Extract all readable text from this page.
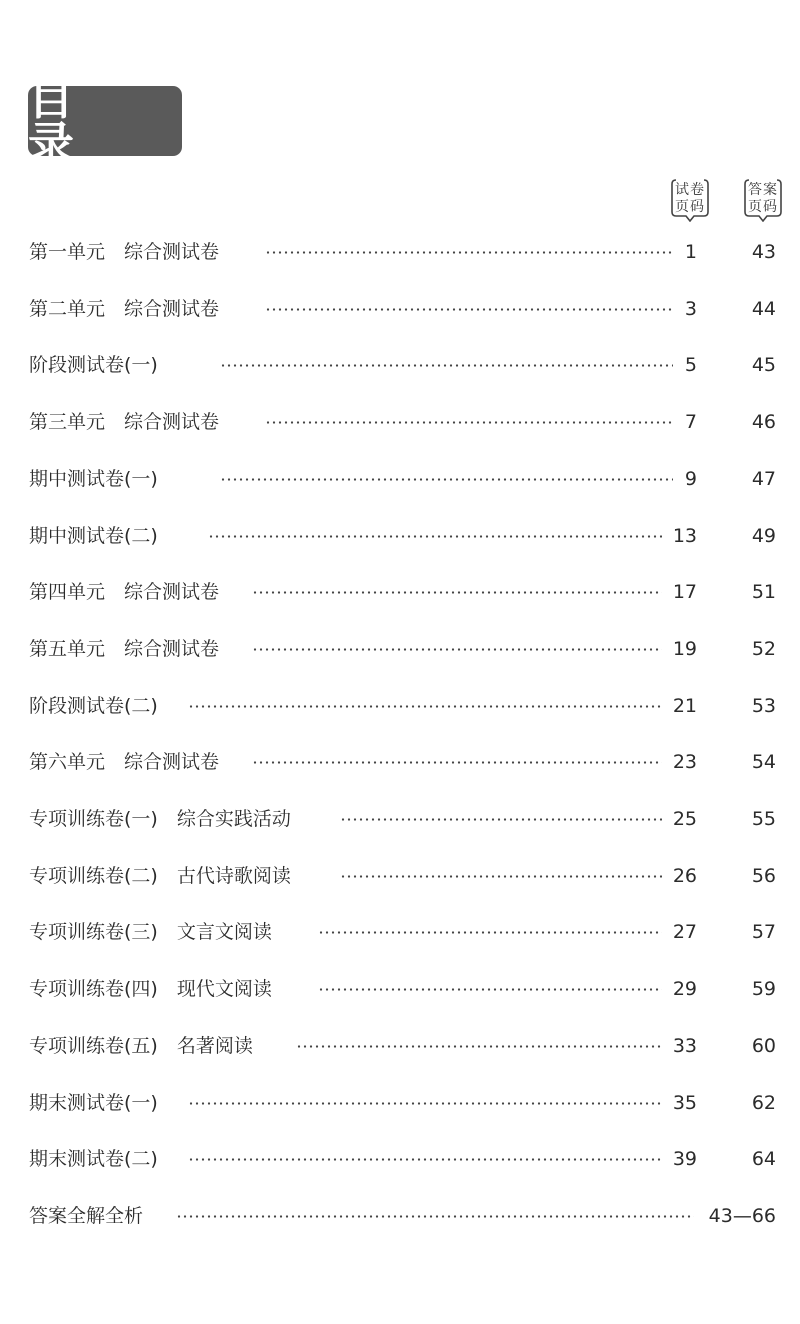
目 录
试卷
页码
答案
页码
第一单元　综合测试卷	1	43
第二单元　综合测试卷	3	44
阶段测试卷(一)	5	45
第三单元　综合测试卷	7	46
期中测试卷(一)	9	47
期中测试卷(二)	13	49
第四单元　综合测试卷	17	51
第五单元　综合测试卷	19	52
阶段测试卷(二)	21	53
第六单元　综合测试卷	23	54
专项训练卷(一)　综合实践活动	25	55
专项训练卷(二)　古代诗歌阅读	26	56
专项训练卷(三)　文言文阅读	27	57
专项训练卷(四)　现代文阅读	29	59
专项训练卷(五)　名著阅读	33	60
期末测试卷(一)	35	62
期末测试卷(二)	39	64
答案全解全析	43—66
